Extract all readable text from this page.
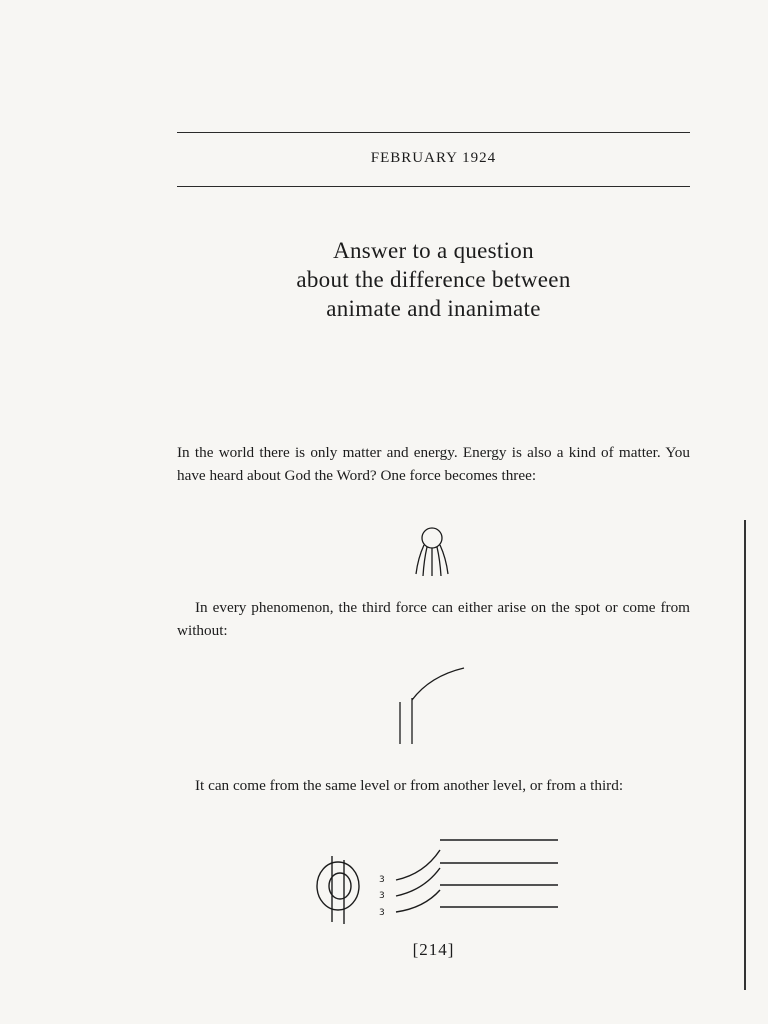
FEBRUARY 1924
Answer to a question
about the difference between
animate and inanimate

In the world there is only matter and energy. Energy is also a kind of matter. You have heard about God the Word? One force becomes three:

In every phenomenon, the third force can either arise on the spot or come from without:

It can come from the same level or from another level, or from a third:

3
3
3
[214]
